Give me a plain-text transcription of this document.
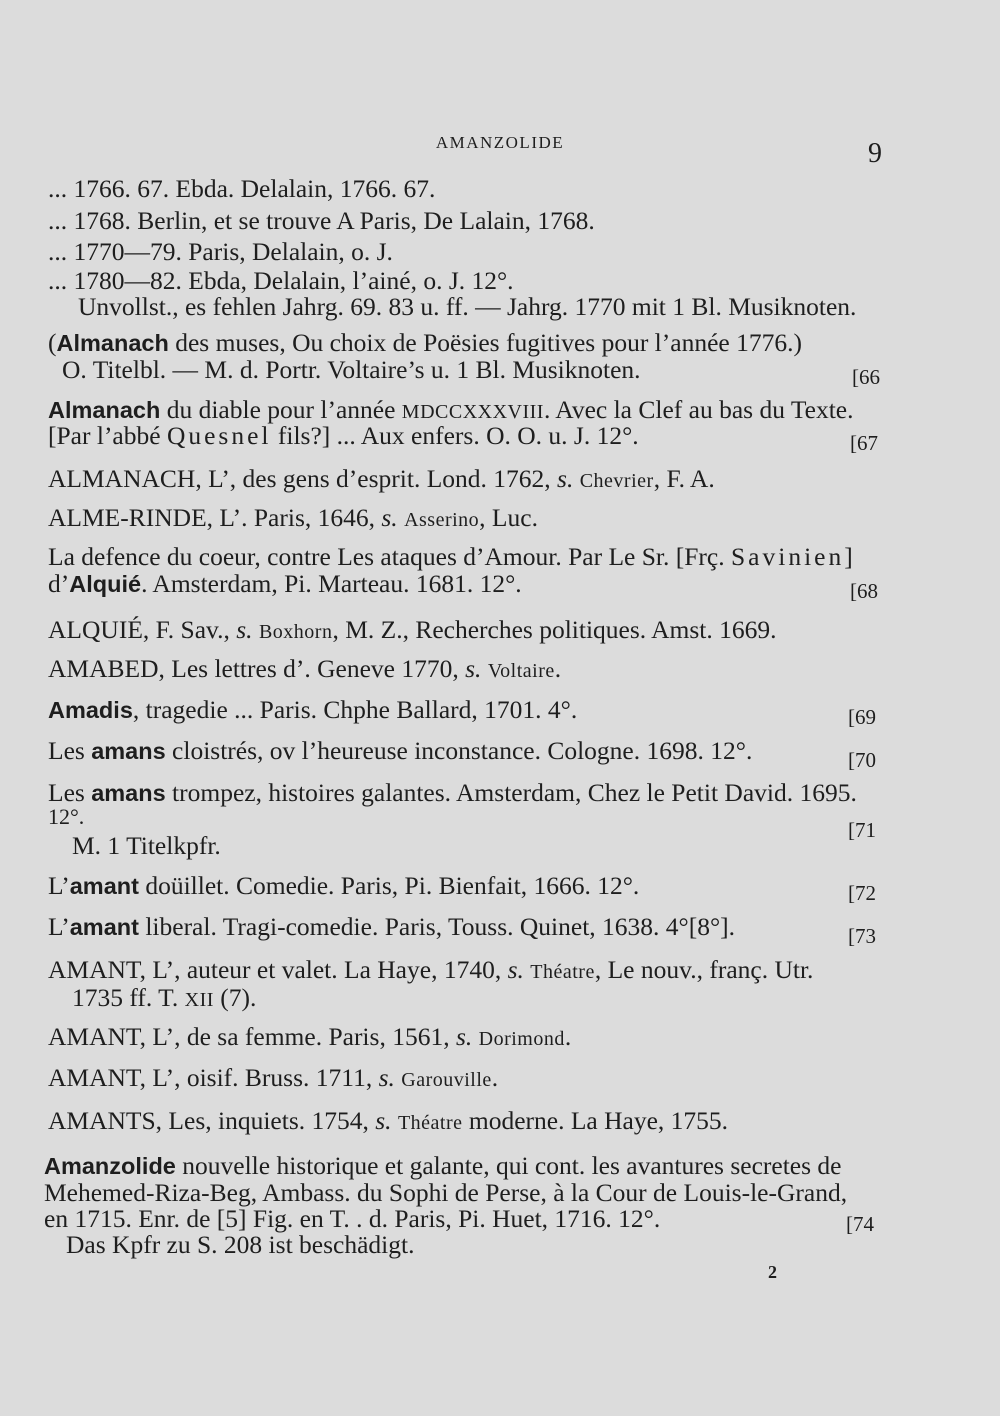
AMANZOLIDE	9
... 1766. 67. Ebda. Delalain, 1766. 67.
... 1768. Berlin, et se trouve A Paris, De Lalain, 1768.
... 1770—79. Paris, Delalain, o. J.
... 1780—82. Ebda, Delalain, l’ainé, o. J. 12°.
Unvollst., es fehlen Jahrg. 69. 83 u. ff. — Jahrg. 1770 mit 1 Bl. Musiknoten.
(Almanach des muses, Ou choix de Poësies fugitives pour l’année 1776.)
O. Titelbl. — M. d. Portr. Voltaire’s u. 1 Bl. Musiknoten.	[66
Almanach du diable pour l’année MDCCXXXVIII. Avec la Clef au bas du Texte.
[Par l’abbé Quesnel fils?] ... Aux enfers. O. O. u. J. 12°.	[67
ALMANACH, L’, des gens d’esprit. Lond. 1762, s. Chevrier, F. A.
ALME-RINDE, L’. Paris, 1646, s. Asserino, Luc.
La defence du coeur, contre Les ataques d’Amour. Par Le Sr. [Frç. Savinien]
d’Alquié. Amsterdam, Pi. Marteau. 1681. 12°.	[68
ALQUIÉ, F. Sav., s. Boxhorn, M. Z., Recherches politiques. Amst. 1669.
AMABED, Les lettres d’. Geneve 1770, s. Voltaire.
Amadis, tragedie ... Paris. Chphe Ballard, 1701. 4°.	[69
Les amans cloistrés, ov l’heureuse inconstance. Cologne. 1698. 12°.	[70
Les amans trompez, histoires galantes. Amsterdam, Chez le Petit David. 1695.
12°.
[71
M. 1 Titelkpfr.
L’amant doüillet. Comedie. Paris, Pi. Bienfait, 1666. 12°.	[72
L’amant liberal. Tragi-comedie. Paris, Touss. Quinet, 1638. 4°[8°].	[73
AMANT, L’, auteur et valet. La Haye, 1740, s. Théatre, Le nouv., franç. Utr.
1735 ff. T. XII (7).
AMANT, L’, de sa femme. Paris, 1561, s. Dorimond.
AMANT, L’, oisif. Bruss. 1711, s. Garouville.
AMANTS, Les, inquiets. 1754, s. Théatre moderne. La Haye, 1755.
Amanzolide nouvelle historique et galante, qui cont. les avantures secretes de
Mehemed-Riza-Beg, Ambass. du Sophi de Perse, à la Cour de Louis-le-Grand,
en 1715. Enr. de [5] Fig. en T. . d. Paris, Pi. Huet, 1716. 12°.	[74
Das Kpfr zu S. 208 ist beschädigt.
2
